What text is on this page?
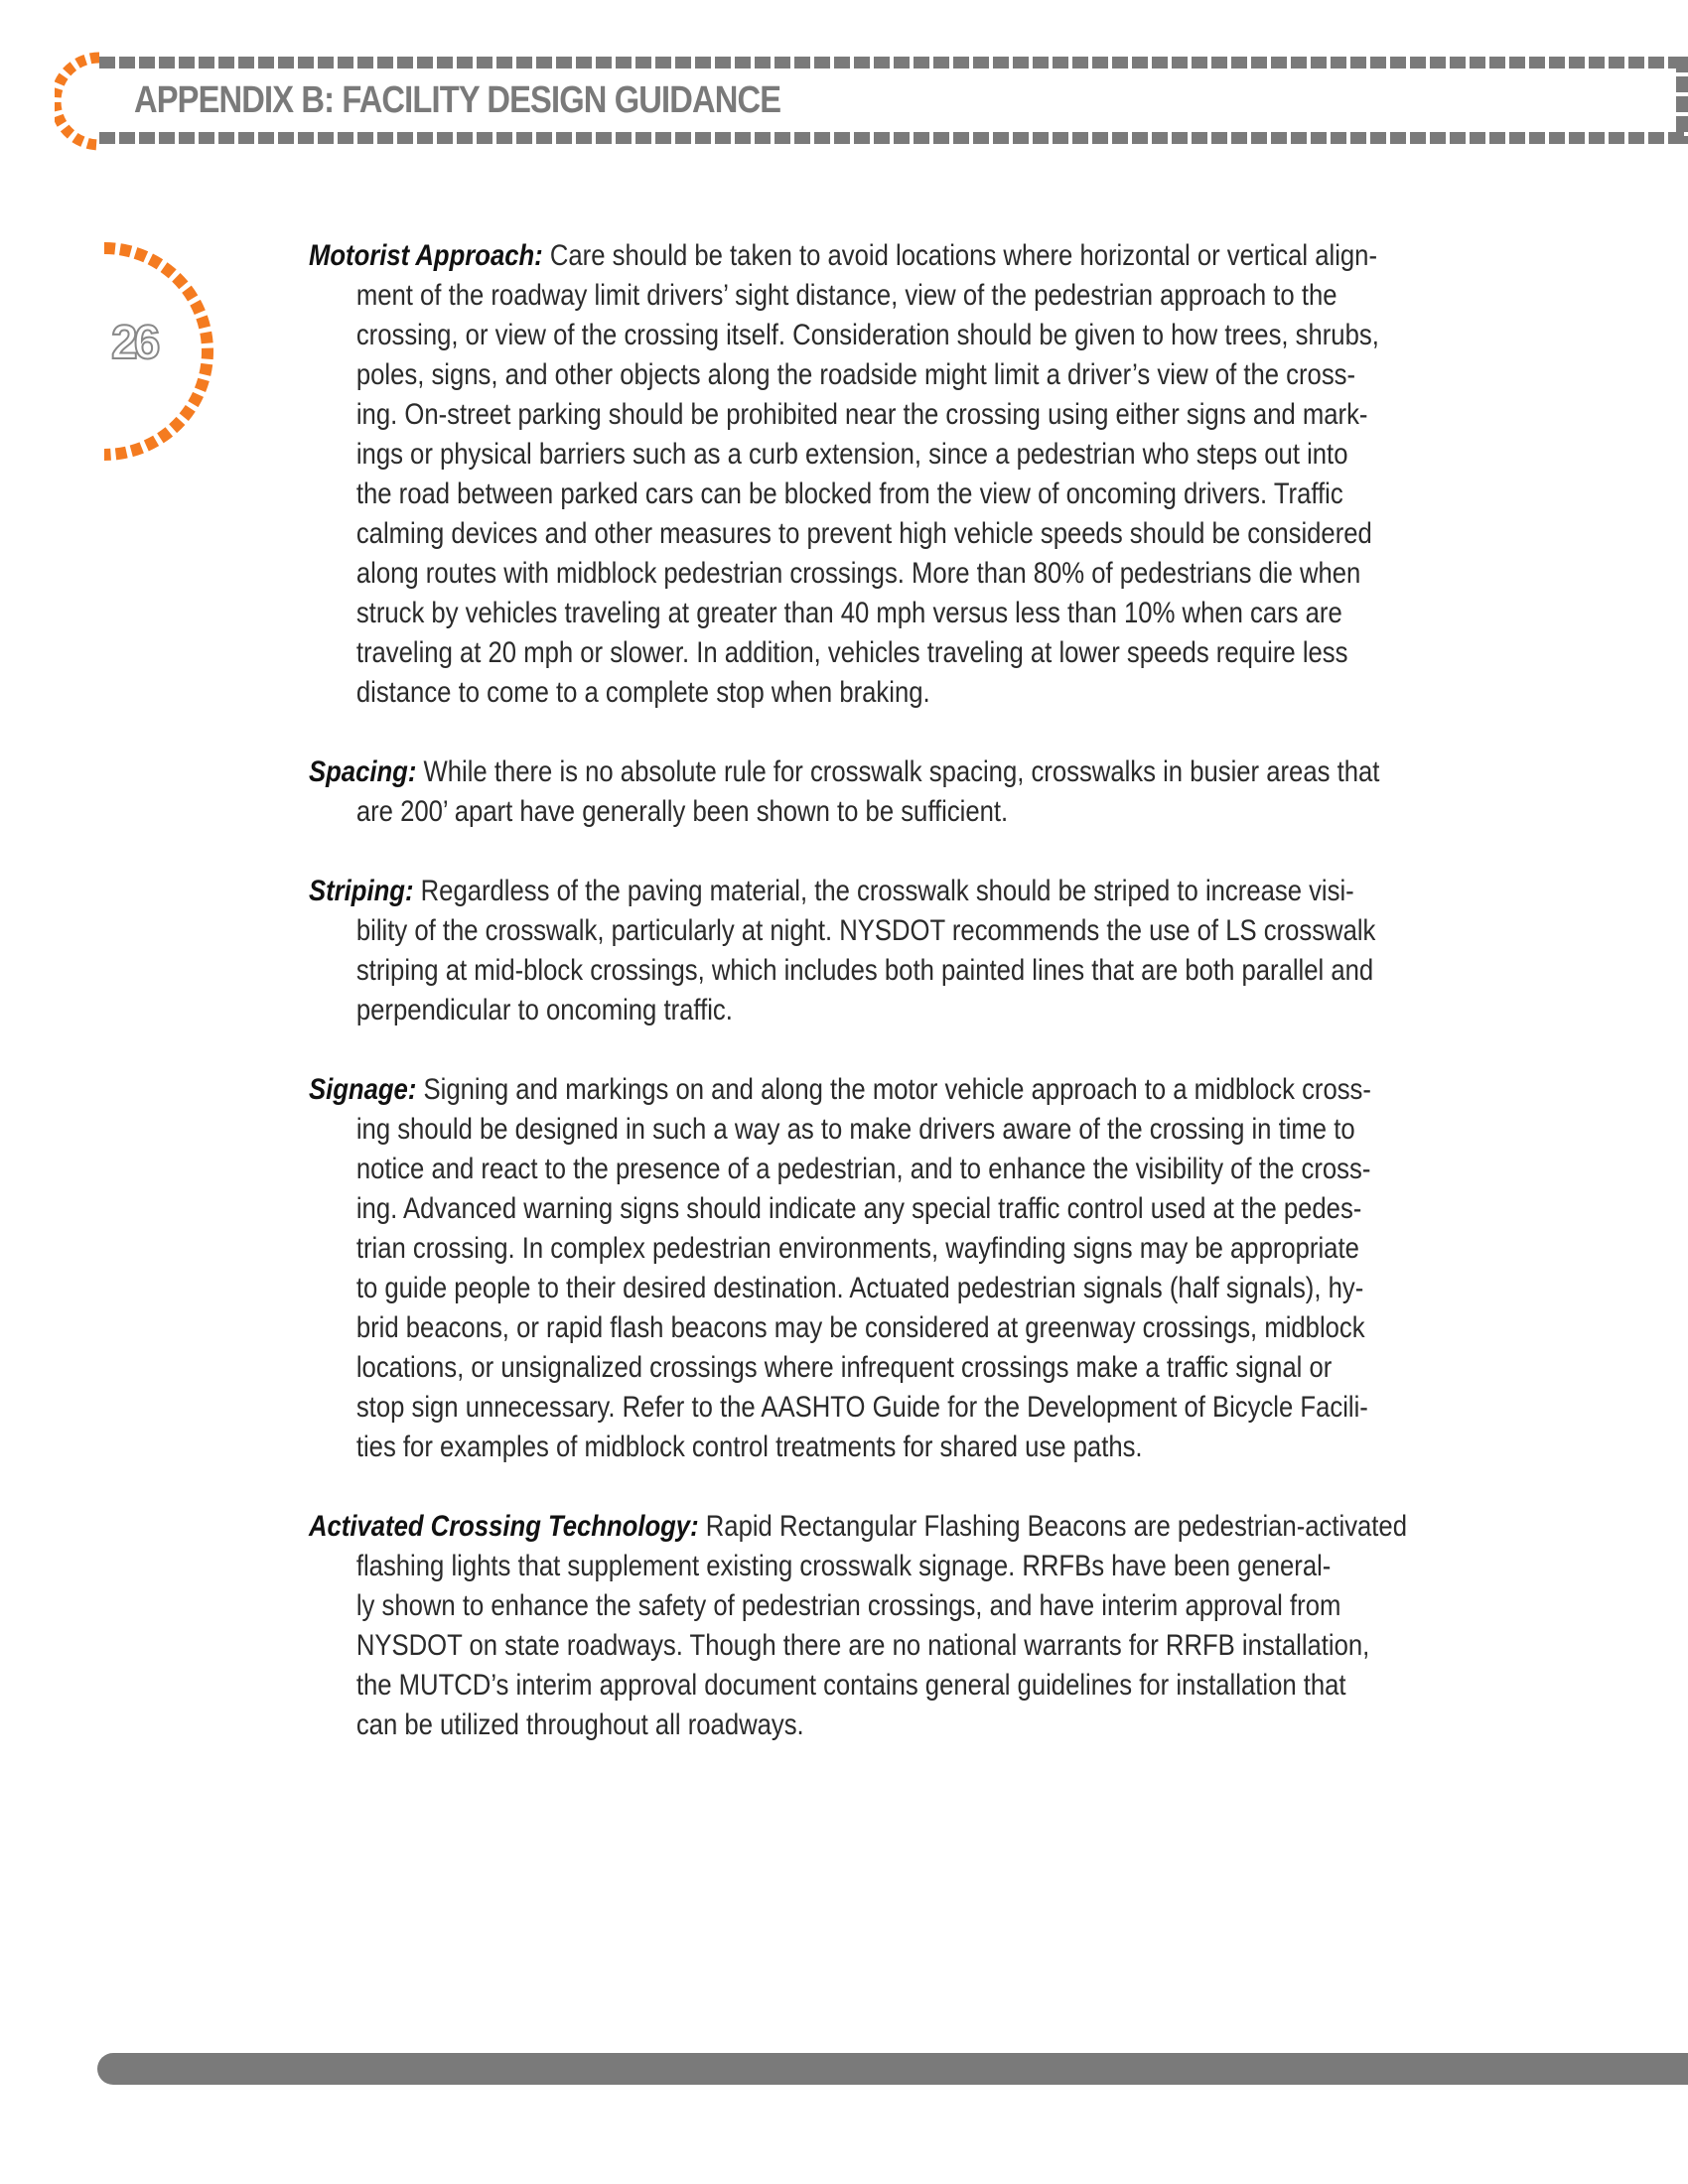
APPENDIX B: FACILITY DESIGN GUIDANCE
26
Motorist Approach: Care should be taken to avoid locations where horizontal or vertical align-
ment of the roadway limit drivers’ sight distance, view of the pedestrian approach to the
crossing, or view of the crossing itself. Consideration should be given to how trees, shrubs,
poles, signs, and other objects along the roadside might limit a driver’s view of the cross-
ing. On-street parking should be prohibited near the crossing using either signs and mark-
ings or physical barriers such as a curb extension, since a pedestrian who steps out into
the road between parked cars can be blocked from the view of oncoming drivers. Traffic
calming devices and other measures to prevent high vehicle speeds should be considered
along routes with midblock pedestrian crossings. More than 80% of pedestrians die when
struck by vehicles traveling at greater than 40 mph versus less than 10% when cars are
traveling at 20 mph or slower. In addition, vehicles traveling at lower speeds require less
distance to come to a complete stop when braking.
Spacing: While there is no absolute rule for crosswalk spacing, crosswalks in busier areas that
are 200’ apart have generally been shown to be sufficient.
Striping: Regardless of the paving material, the crosswalk should be striped to increase visi-
bility of the crosswalk, particularly at night. NYSDOT recommends the use of LS crosswalk
striping at mid-block crossings, which includes both painted lines that are both parallel and
perpendicular to oncoming traffic.
Signage: Signing and markings on and along the motor vehicle approach to a midblock cross-
ing should be designed in such a way as to make drivers aware of the crossing in time to
notice and react to the presence of a pedestrian, and to enhance the visibility of the cross-
ing. Advanced warning signs should indicate any special traffic control used at the pedes-
trian crossing. In complex pedestrian environments, wayfinding signs may be appropriate
to guide people to their desired destination. Actuated pedestrian signals (half signals), hy-
brid beacons, or rapid flash beacons may be considered at greenway crossings, midblock
locations, or unsignalized crossings where infrequent crossings make a traffic signal or
stop sign unnecessary. Refer to the AASHTO Guide for the Development of Bicycle Facili-
ties for examples of midblock control treatments for shared use paths.
Activated Crossing Technology: Rapid Rectangular Flashing Beacons are pedestrian-activated
flashing lights that supplement existing crosswalk signage. RRFBs have been general-
ly shown to enhance the safety of pedestrian crossings, and have interim approval from
NYSDOT on state roadways. Though there are no national warrants for RRFB installation,
the MUTCD’s interim approval document contains general guidelines for installation that
can be utilized throughout all roadways.
